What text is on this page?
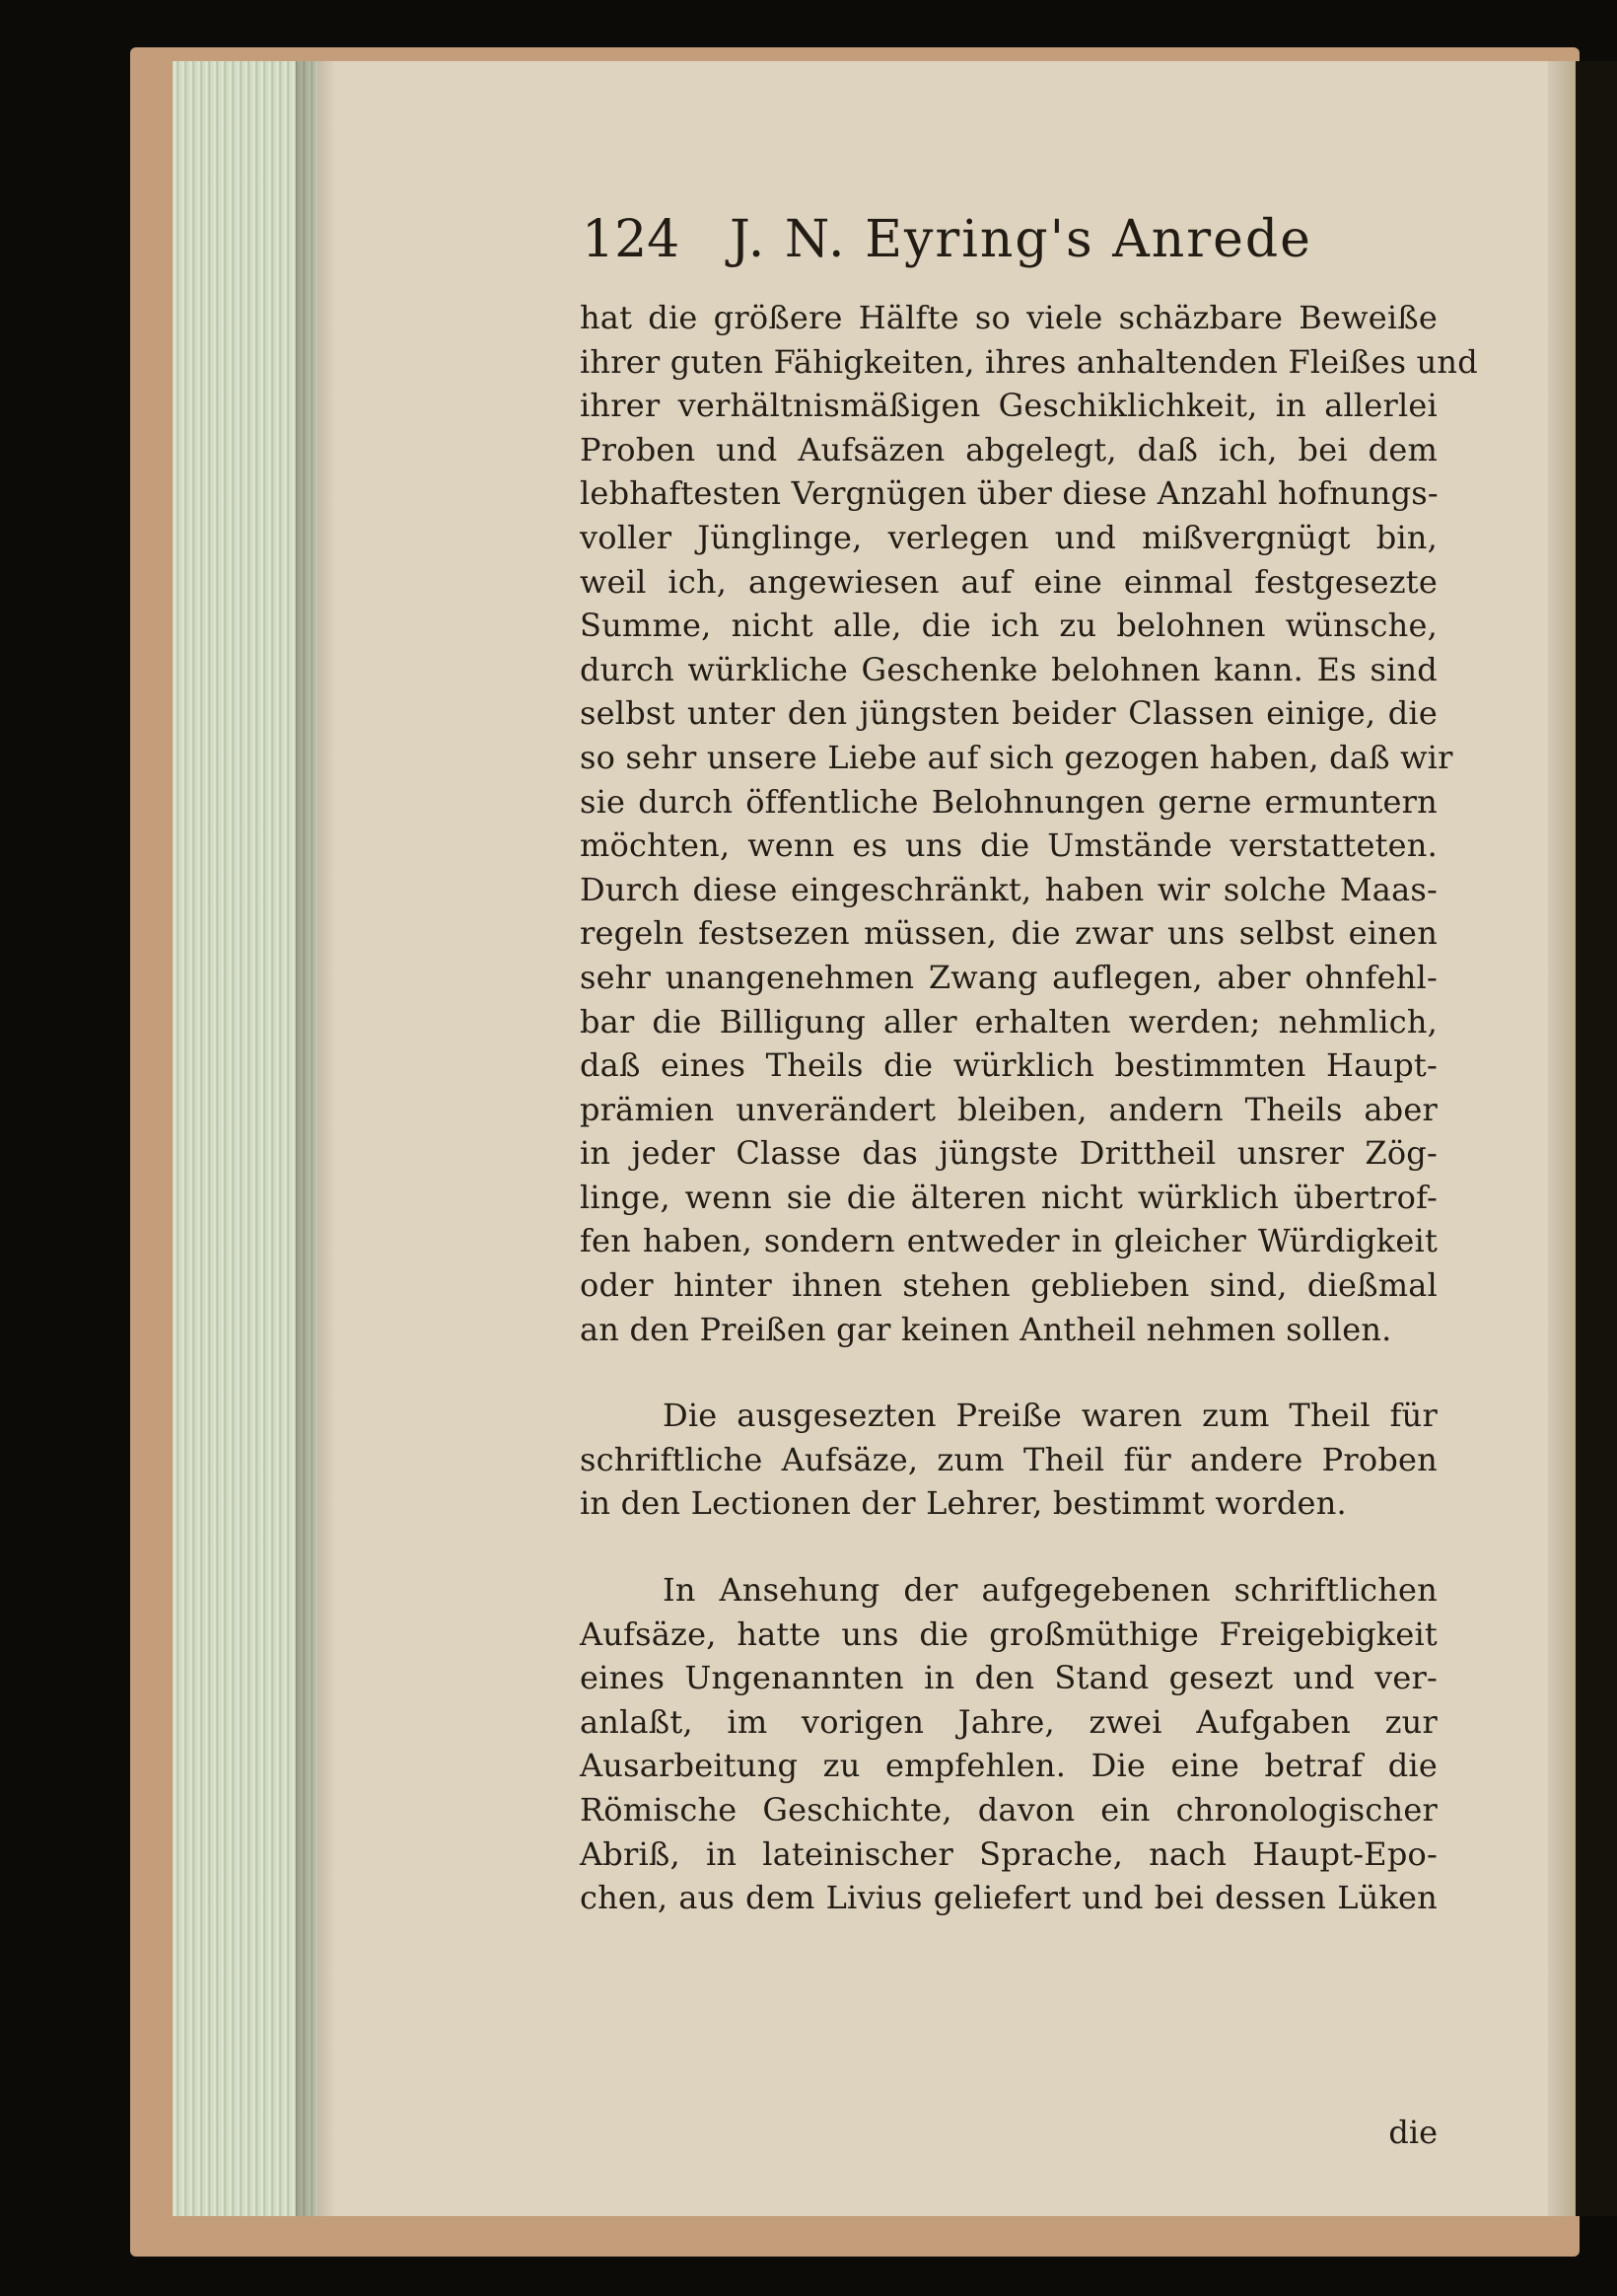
124 J. N. Eyring's Anrede
hat die größere Hälfte so viele schäzbare Beweiße
ihrer guten Fähigkeiten, ihres anhaltenden Fleißes und
ihrer verhältnismäßigen Geschiklichkeit, in allerlei
Proben und Aufsäzen abgelegt, daß ich, bei dem
lebhaftesten Vergnügen über diese Anzahl hofnungs-
voller Jünglinge, verlegen und mißvergnügt bin,
weil ich, angewiesen auf eine einmal festgesezte
Summe, nicht alle, die ich zu belohnen wünsche,
durch würkliche Geschenke belohnen kann. Es sind
selbst unter den jüngsten beider Classen einige, die
so sehr unsere Liebe auf sich gezogen haben, daß wir
sie durch öffentliche Belohnungen gerne ermuntern
möchten, wenn es uns die Umstände verstatteten.
Durch diese eingeschränkt, haben wir solche Maas-
regeln festsezen müssen, die zwar uns selbst einen
sehr unangenehmen Zwang auflegen, aber ohnfehl-
bar die Billigung aller erhalten werden; nehmlich,
daß eines Theils die würklich bestimmten Haupt-
prämien unverändert bleiben, andern Theils aber
in jeder Classe das jüngste Drittheil unsrer Zög-
linge, wenn sie die älteren nicht würklich übertrof-
fen haben, sondern entweder in gleicher Würdigkeit
oder hinter ihnen stehen geblieben sind, dießmal
an den Preißen gar keinen Antheil nehmen sollen.
Die ausgesezten Preiße waren zum Theil für
schriftliche Aufsäze, zum Theil für andere Proben
in den Lectionen der Lehrer, bestimmt worden.
In Ansehung der aufgegebenen schriftlichen
Aufsäze, hatte uns die großmüthige Freigebigkeit
eines Ungenannten in den Stand gesezt und ver-
anlaßt, im vorigen Jahre, zwei Aufgaben zur
Ausarbeitung zu empfehlen. Die eine betraf die
Römische Geschichte, davon ein chronologischer
Abriß, in lateinischer Sprache, nach Haupt-Epo-
chen, aus dem Livius geliefert und bei dessen Lüken
die
